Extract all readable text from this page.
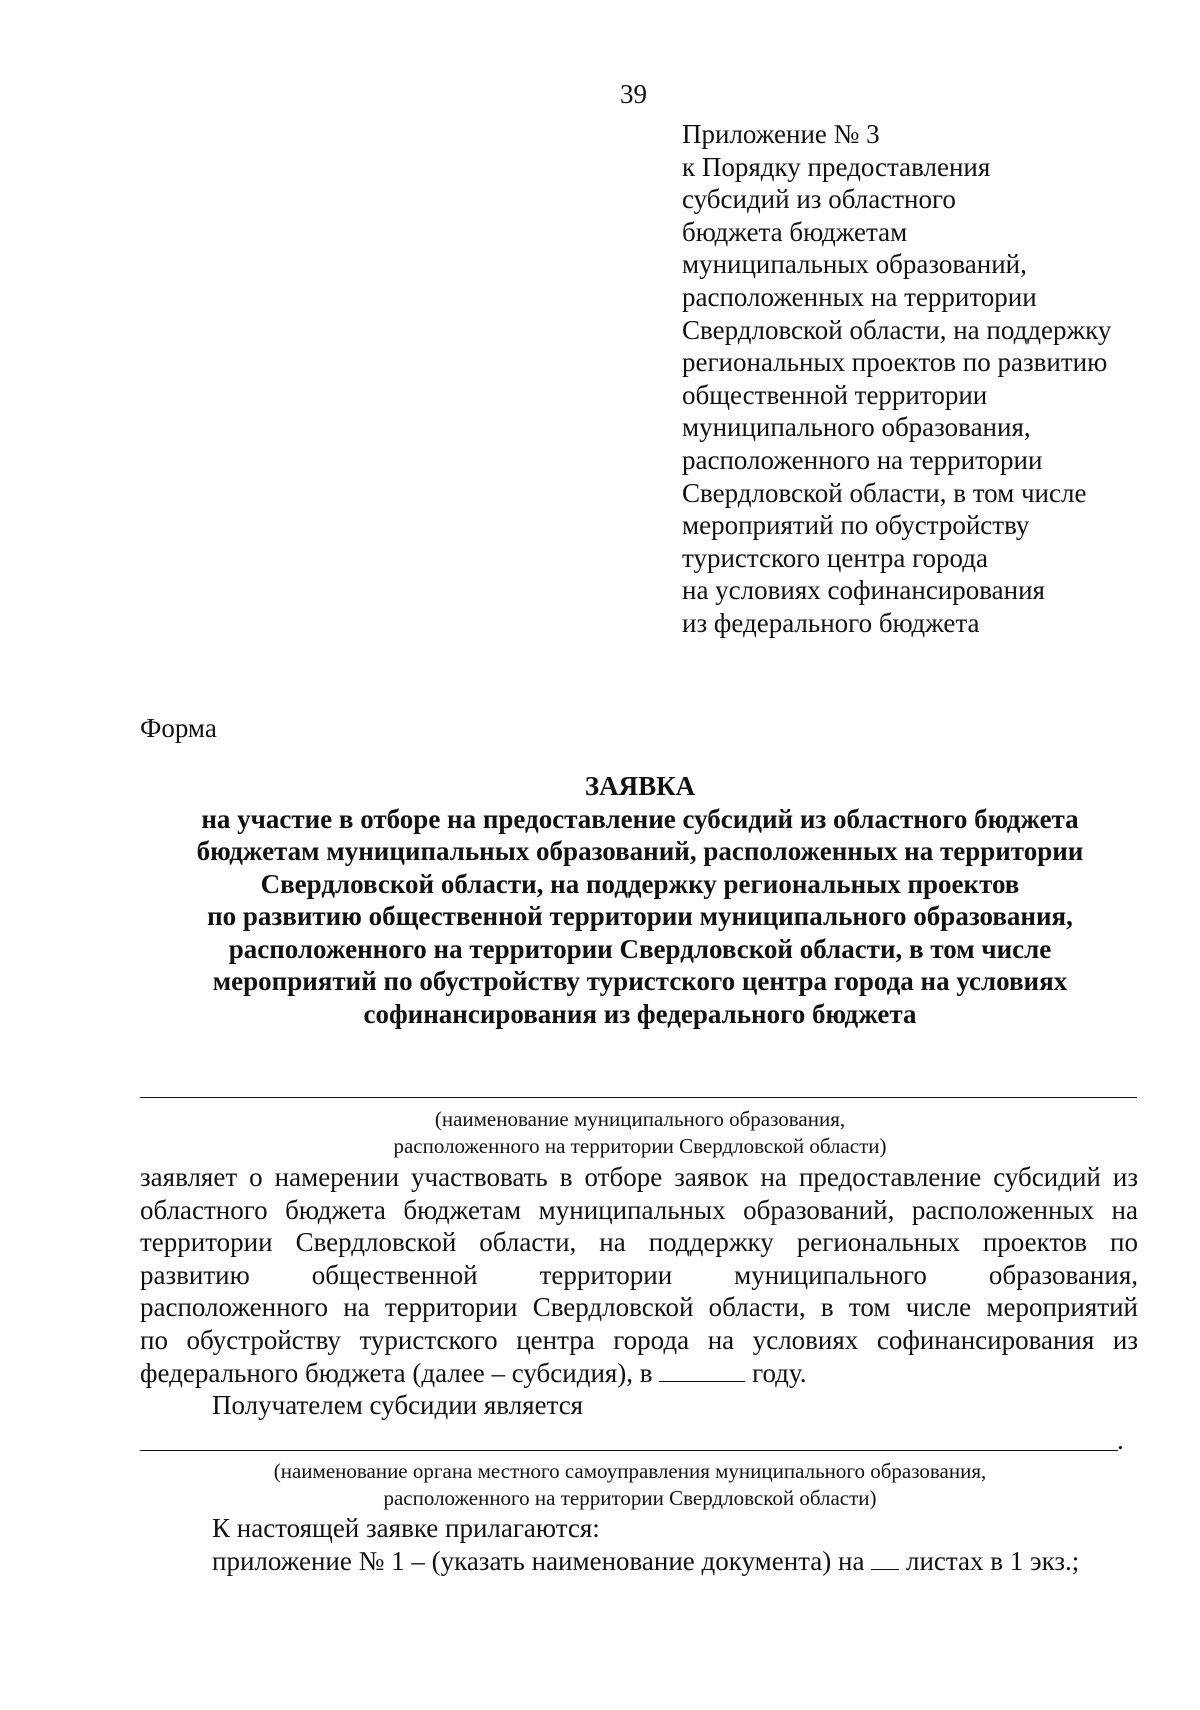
39
Приложение № 3
к Порядку предоставления
субсидий из областного
бюджета бюджетам
муниципальных образований,
расположенных на территории
Свердловской области, на поддержку
региональных проектов по развитию
общественной территории
муниципального образования,
расположенного на территории
Свердловской области, в том числе
мероприятий по обустройству
туристского центра города
на условиях софинансирования
из федерального бюджета
Форма
ЗАЯВКА
на участие в отборе на предоставление субсидий из областного бюджета
бюджетам муниципальных образований, расположенных на территории
Свердловской области, на поддержку региональных проектов
по развитию общественной территории муниципального образования,
расположенного на территории Свердловской области, в том числе
мероприятий по обустройству туристского центра города на условиях
софинансирования из федерального бюджета
(наименование муниципального образования,
расположенного на территории Свердловской области)
заявляет о намерении участвовать в отборе заявок на предоставление субсидий из
областного бюджета бюджетам муниципальных образований, расположенных на
территории Свердловской области, на поддержку региональных проектов по
развитию общественной территории муниципального образования,
расположенного на территории Свердловской области, в том числе мероприятий
по обустройству туристского центра города на условиях софинансирования из
федерального бюджета (далее – субсидия), в	году.
Получателем субсидии является
.
(наименование органа местного самоуправления муниципального образования,
расположенного на территории Свердловской области)
К настоящей заявке прилагаются:
приложение № 1 – (указать наименование документа) на  листах в 1 экз.;
